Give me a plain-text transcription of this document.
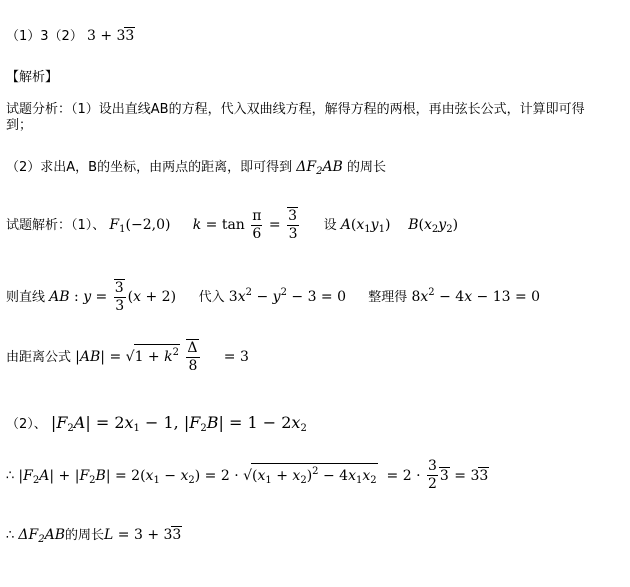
（1）3（2） 3 + 33
【解析】
试题分析：（1）设出直线AB的方程，代入双曲线方程，解得方程的两根，再由弦长公式，计算即可得
到；
（2）求出A，B的坐标，由两点的距离，即可得到 $\Delta F_2AB$ 的周长
试题解析：（1）、 $F_1(-2,0) k = \tan \frac{\pi}{6} = \frac{3}{3}$ 设 $A(x_1y_1)$    $B(x_2y_2)$
则直线 AB : $y = \frac{3}{3} (x + 2)$  代入 $3x^2 - y^2 - 3 = 0$ 整理得 $8x^2 - 4x - 13 = 0$
由距离公式 $|AB| = √1 + k^2 \frac{\Delta}{8} = 3$
（2）、 $|F_2A| = 2x_1 - 1$, $|F_2B| = 1 - 2x_2$
∴ $|F_2A| + |F_2B| = 2(x_1 - x_2) = 2 \cdot √(x_1 + x_2)^2 - 4x_1x_2 = 2 \cdot \frac{3}{2} 3 = 33$
∴ $\Delta F_2AB$的周长L = 3 + 33
